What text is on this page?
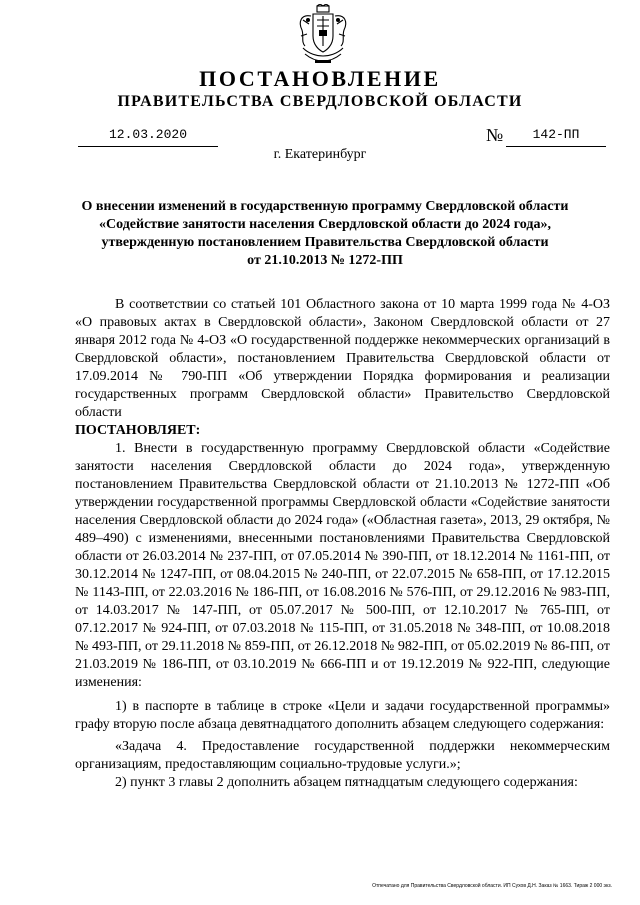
ПОСТАНОВЛЕНИЕ
ПРАВИТЕЛЬСТВА СВЕРДЛОВСКОЙ ОБЛАСТИ
12.03.2020	№	142-ПП
г. Екатеринбург
О внесении изменений в государственную программу Свердловской области
«Содействие занятости населения Свердловской области до 2024 года»,
утвержденную постановлением Правительства Свердловской области
от 21.10.2013 № 1272-ПП

В соответствии со статьей 101 Областного закона от 10 марта 1999 года № 4-ОЗ «О правовых актах в Свердловской области», Законом Свердловской области от 27 января 2012 года № 4-ОЗ «О государственной поддержке некоммерческих организаций в Свердловской области», постановлением Правительства Свердловской области от 17.09.2014 № 790-ПП «Об утверждении Порядка формирования и реализации государственных программ Свердловской области» Правительство Свердловской области

ПОСТАНОВЛЯЕТ:

1. Внести в государственную программу Свердловской области «Содействие занятости населения Свердловской области до 2024 года», утвержденную постановлением Правительства Свердловской области от 21.10.2013 № 1272-ПП «Об утверждении государственной программы Свердловской области «Содействие занятости населения Свердловской области до 2024 года» («Областная газета», 2013, 29 октября, № 489–490) с изменениями, внесенными постановлениями Правительства Свердловской области от 26.03.2014 № 237-ПП, от 07.05.2014 № 390-ПП, от 18.12.2014 № 1161-ПП, от 30.12.2014 № 1247-ПП, от 08.04.2015 № 240-ПП, от 22.07.2015 № 658-ПП, от 17.12.2015 № 1143-ПП, от 22.03.2016 № 186-ПП, от 16.08.2016 № 576-ПП, от 29.12.2016 № 983-ПП, от 14.03.2017 № 147-ПП, от 05.07.2017 № 500-ПП, от 12.10.2017 № 765-ПП, от 07.12.2017 № 924-ПП, от 07.03.2018 № 115-ПП, от 31.05.2018 № 348-ПП, от 10.08.2018 № 493-ПП, от 29.11.2018 № 859-ПП, от 26.12.2018 № 982-ПП, от 05.02.2019 № 86-ПП, от 21.03.2019 № 186-ПП, от 03.10.2019 № 666-ПП и от 19.12.2019 № 922-ПП, следующие изменения:

1) в паспорте в таблице в строке «Цели и задачи государственной программы» графу вторую после абзаца девятнадцатого дополнить абзацем следующего содержания:

«Задача 4. Предоставление государственной поддержки некоммерческим организациям, предоставляющим социально-трудовые услуги.»;

2) пункт 3 главы 2 дополнить абзацем пятнадцатым следующего содержания:

Отпечатано для Правительства Свердловской области. ИП Сухов Д.Н. Заказ № 1663. Тираж 2 000 экз.
